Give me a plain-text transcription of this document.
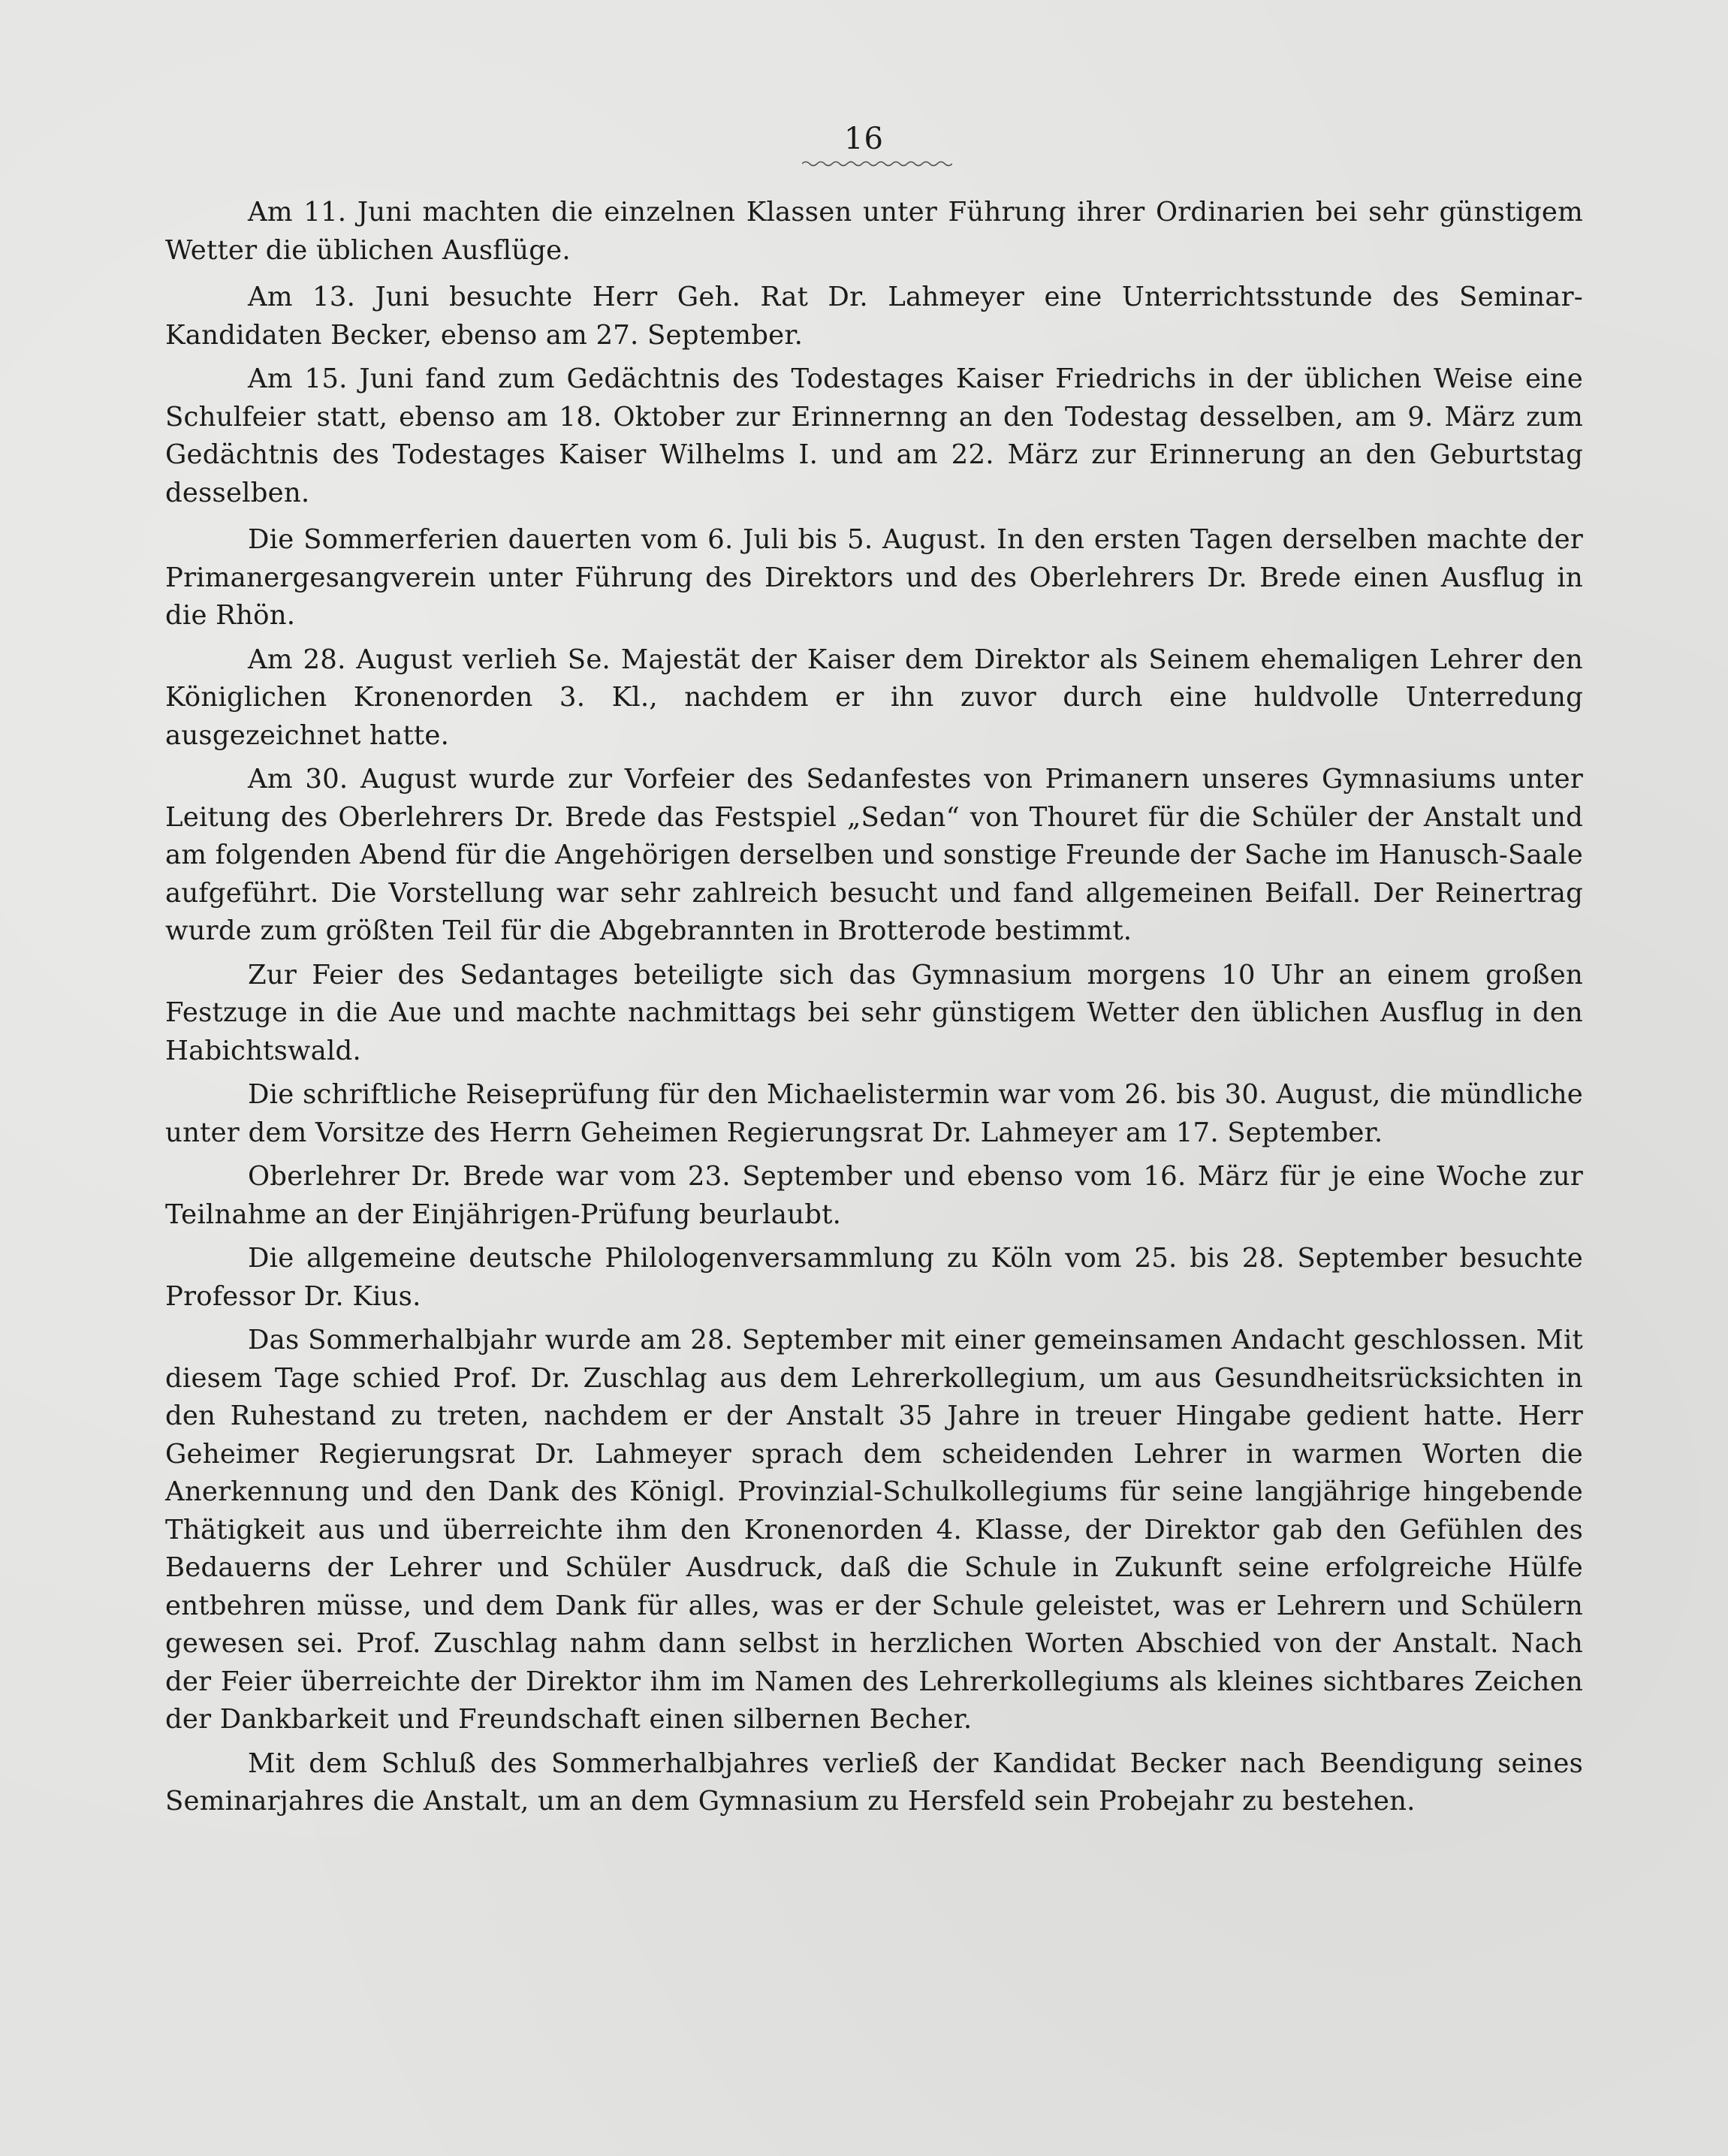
16

Am 11. Juni machten die einzelnen Klassen unter Führung ihrer Ordinarien bei sehr günstigem Wetter die üblichen Ausflüge.

Am 13. Juni besuchte Herr Geh. Rat Dr. Lahmeyer eine Unterrichtsstunde des Seminar-Kandidaten Becker, ebenso am 27. September.

Am 15. Juni fand zum Gedächtnis des Todestages Kaiser Friedrichs in der üblichen Weise eine Schulfeier statt, ebenso am 18. Oktober zur Erinnernng an den Todestag desselben, am 9. März zum Gedächtnis des Todestages Kaiser Wilhelms I. und am 22. März zur Erinnerung an den Geburtstag desselben.

Die Sommerferien dauerten vom 6. Juli bis 5. August. In den ersten Tagen derselben machte der Primanergesangverein unter Führung des Direktors und des Oberlehrers Dr. Brede einen Ausflug in die Rhön.

Am 28. August verlieh Se. Majestät der Kaiser dem Direktor als Seinem ehemaligen Lehrer den Königlichen Kronenorden 3. Kl., nachdem er ihn zuvor durch eine huldvolle Unterredung ausgezeichnet hatte.

Am 30. August wurde zur Vorfeier des Sedanfestes von Primanern unseres Gymnasiums unter Leitung des Oberlehrers Dr. Brede das Festspiel „Sedan“ von Thouret für die Schüler der Anstalt und am folgenden Abend für die Angehörigen derselben und sonstige Freunde der Sache im Hanusch-Saale aufgeführt. Die Vorstellung war sehr zahlreich besucht und fand allgemeinen Beifall. Der Reinertrag wurde zum größten Teil für die Abgebrannten in Brotterode bestimmt.

Zur Feier des Sedantages beteiligte sich das Gymnasium morgens 10 Uhr an einem großen Festzuge in die Aue und machte nachmittags bei sehr günstigem Wetter den üblichen Ausflug in den Habichtswald.

Die schriftliche Reiseprüfung für den Michaelistermin war vom 26. bis 30. August, die mündliche unter dem Vorsitze des Herrn Geheimen Regierungsrat Dr. Lahmeyer am 17. September.

Oberlehrer Dr. Brede war vom 23. September und ebenso vom 16. März für je eine Woche zur Teilnahme an der Einjährigen-Prüfung beurlaubt.

Die allgemeine deutsche Philologenversammlung zu Köln vom 25. bis 28. September besuchte Professor Dr. Kius.

Das Sommerhalbjahr wurde am 28. September mit einer gemeinsamen Andacht geschlossen. Mit diesem Tage schied Prof. Dr. Zuschlag aus dem Lehrerkollegium, um aus Gesundheitsrücksichten in den Ruhestand zu treten, nachdem er der Anstalt 35 Jahre in treuer Hingabe gedient hatte. Herr Geheimer Regierungsrat Dr. Lahmeyer sprach dem scheidenden Lehrer in warmen Worten die Anerkennung und den Dank des Königl. Provinzial-Schulkollegiums für seine langjährige hingebende Thätigkeit aus und überreichte ihm den Kronenorden 4. Klasse, der Direktor gab den Gefühlen des Bedauerns der Lehrer und Schüler Ausdruck, daß die Schule in Zukunft seine erfolgreiche Hülfe entbehren müsse, und dem Dank für alles, was er der Schule geleistet, was er Lehrern und Schülern gewesen sei. Prof. Zuschlag nahm dann selbst in herzlichen Worten Abschied von der Anstalt. Nach der Feier überreichte der Direktor ihm im Namen des Lehrerkollegiums als kleines sichtbares Zeichen der Dankbarkeit und Freundschaft einen silbernen Becher.

Mit dem Schluß des Sommerhalbjahres verließ der Kandidat Becker nach Beendigung seines Seminarjahres die Anstalt, um an dem Gymnasium zu Hersfeld sein Probejahr zu bestehen.
